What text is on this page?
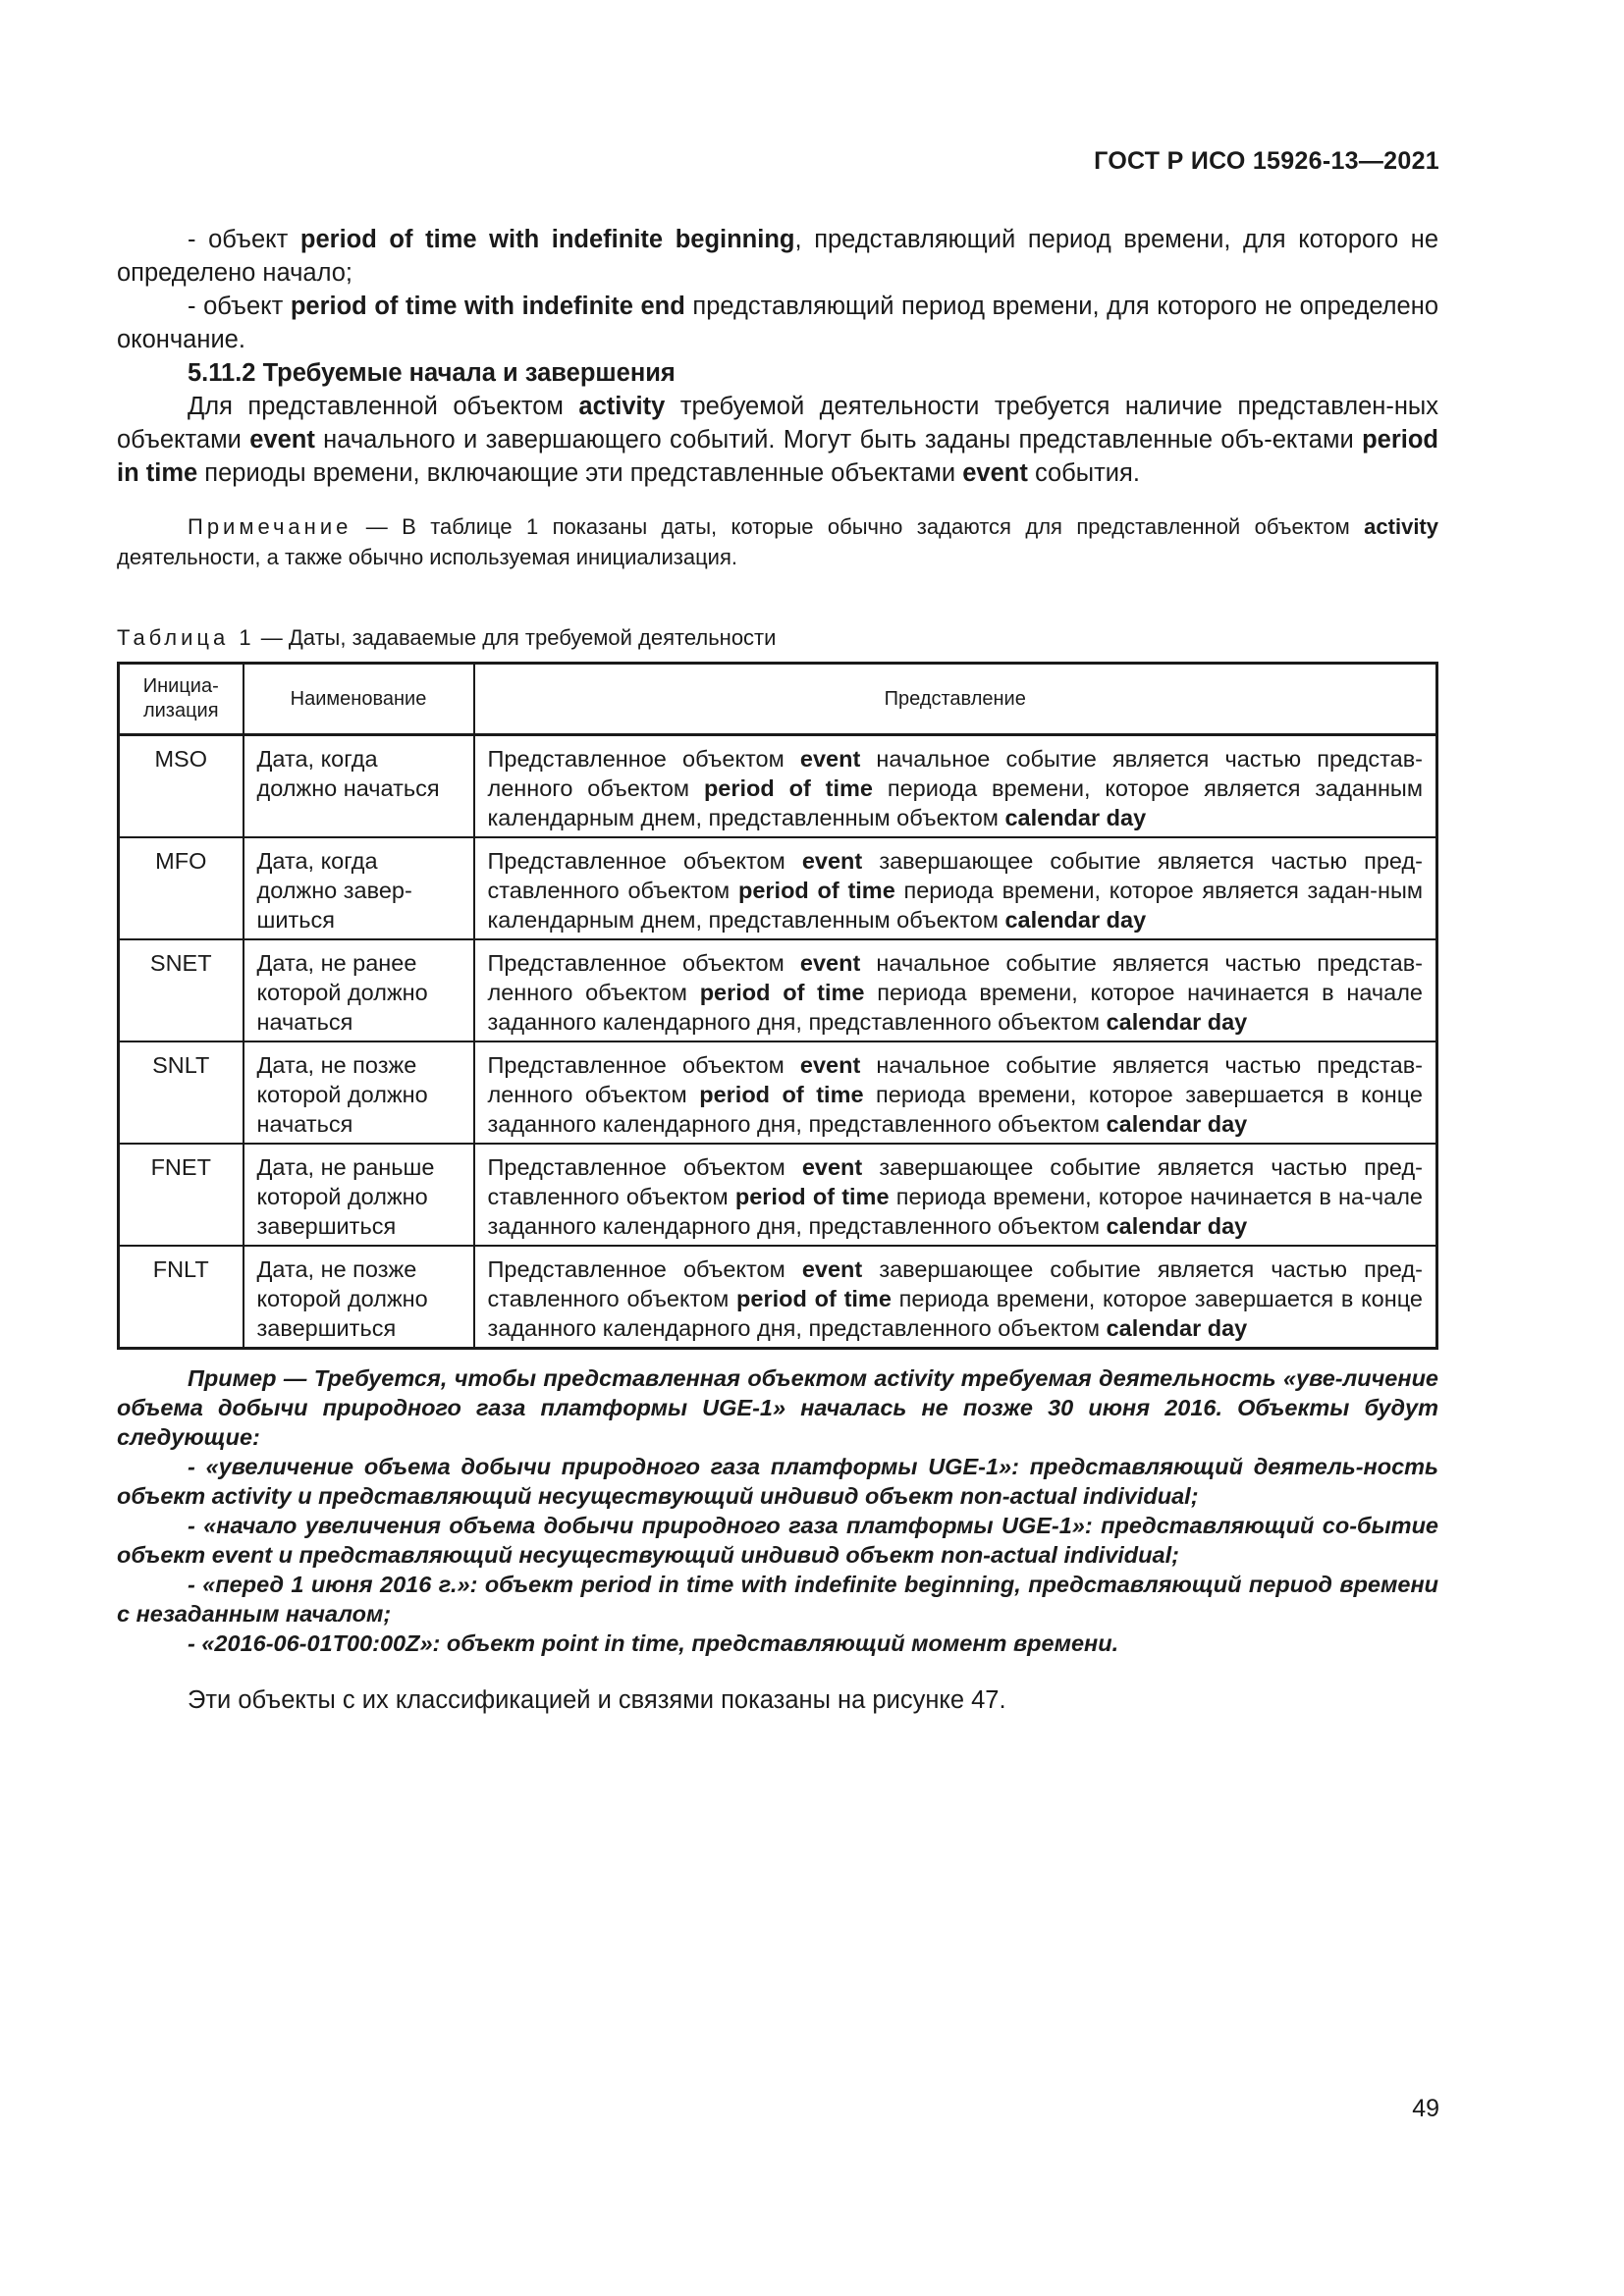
ГОСТ Р ИСО 15926-13—2021

- объект period of time with indefinite beginning, представляющий период времени, для которого не определено начало;

- объект period of time with indefinite end представляющий период времени, для которого не определено окончание.

5.11.2 Требуемые начала и завершения

Для представленной объектом activity требуемой деятельности требуется наличие представлен-ных объектами event начального и завершающего событий. Могут быть заданы представленные объ-ектами period in time периоды времени, включающие эти представленные объектами event события.

Примечание — В таблице 1 показаны даты, которые обычно задаются для представленной объектом activity деятельности, а также обычно используемая инициализация.

Таблица 1 — Даты, задаваемые для требуемой деятельности

Инициа-лизация	Наименование	Представление
MSO	Дата, когда должно начаться	Представленное объектом event начальное событие является частью представ-ленного объектом period of time периода времени, которое является заданным календарным днем, представленным объектом calendar day
MFO	Дата, когда должно завер-шиться	Представленное объектом event завершающее событие является частью пред-ставленного объектом period of time периода времени, которое является задан-ным календарным днем, представленным объектом calendar day
SNET	Дата, не ранее которой должно начаться	Представленное объектом event начальное событие является частью представ-ленного объектом period of time периода времени, которое начинается в начале заданного календарного дня, представленного объектом calendar day
SNLT	Дата, не позже которой должно начаться	Представленное объектом event начальное событие является частью представ-ленного объектом period of time периода времени, которое завершается в конце заданного календарного дня, представленного объектом calendar day
FNET	Дата, не раньше которой должно завершиться	Представленное объектом event завершающее событие является частью пред-ставленного объектом period of time периода времени, которое начинается в на-чале заданного календарного дня, представленного объектом calendar day
FNLT	Дата, не позже которой должно завершиться	Представленное объектом event завершающее событие является частью пред-ставленного объектом period of time периода времени, которое завершается в конце заданного календарного дня, представленного объектом calendar day

Пример — Требуется, чтобы представленная объектом activity требуемая деятельность «уве-личение объема добычи природного газа платформы UGE-1» началась не позже 30 июня 2016. Объекты будут следующие:

- «увеличение объема добычи природного газа платформы UGE-1»: представляющий деятель-ность объект activity и представляющий несуществующий индивид объект non-actual individual;

- «начало увеличения объема добычи природного газа платформы UGE-1»: представляющий со-бытие объект event и представляющий несуществующий индивид объект non-actual individual;

- «перед 1 июня 2016 г.»: объект period in time with indefinite beginning, представляющий период времени с незаданным началом;

- «2016-06-01T00:00Z»: объект point in time, представляющий момент времени.

Эти объекты с их классификацией и связями показаны на рисунке 47.

49
